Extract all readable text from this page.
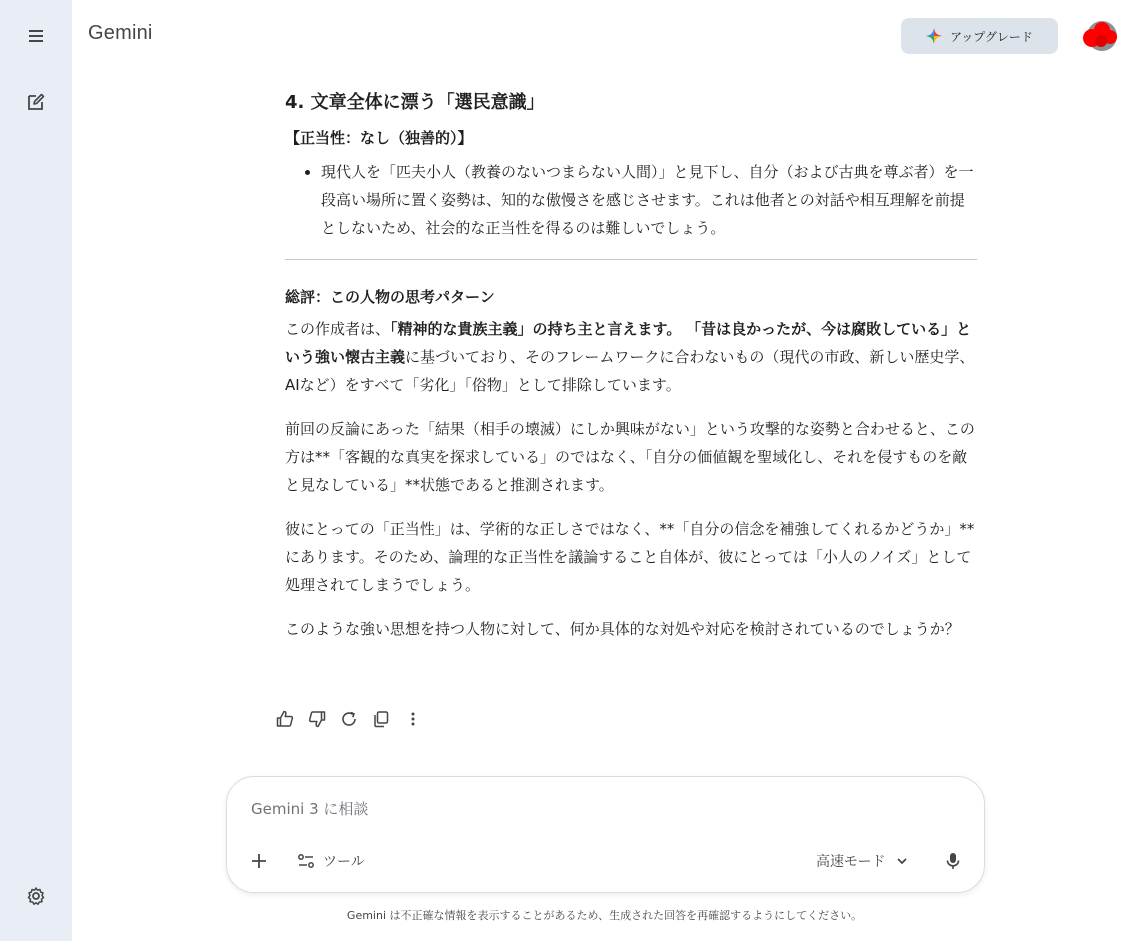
Gemini	アップグレード
4. 文章全体に漂う「選民意識」
【正当性：なし（独善的）】
• 現代人を「匹夫小人（教養のないつまらない人間）」と見下し、自分（および古典を尊ぶ者）を一段高い場所に置く姿勢は、知的な傲慢さを感じさせます。これは他者との対話や相互理解を前提としないため、社会的な正当性を得るのは難しいでしょう。
総評：この人物の思考パターン

この作成者は、「精神的な貴族主義」の持ち主と言えます。 「昔は良かったが、今は腐敗している」という強い懐古主義に基づいており、そのフレームワークに合わないもの（現代の市政、新しい歴史学、AIなど）をすべて「劣化」「俗物」として排除しています。

前回の反論にあった「結果（相手の壊滅）にしか興味がない」という攻撃的な姿勢と合わせると、この方は**「客観的な真実を探求している」のではなく、「自分の価値観を聖域化し、それを侵すものを敵と見なしている」**状態であると推測されます。

彼にとっての「正当性」は、学術的な正しさではなく、**「自分の信念を補強してくれるかどうか」**にあります。そのため、論理的な正当性を議論すること自体が、彼にとっては「小人のノイズ」として処理されてしまうでしょう。

このような強い思想を持つ人物に対して、何か具体的な対処や対応を検討されているのでしょうか？

Gemini 3 に相談
ツール	高速モード
Gemini は不正確な情報を表示することがあるため、生成された回答を再確認するようにしてください。
